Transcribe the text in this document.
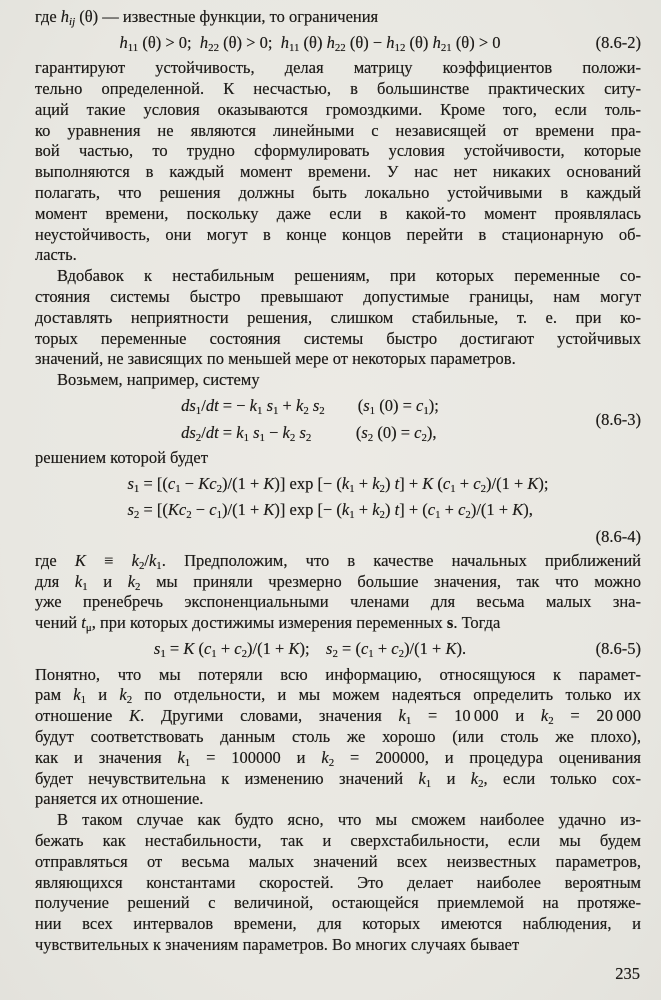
где $h_{ij}$ (θ) — известные функции, то ограничения
$h_{11}$ (θ) > 0; $h_{22}$ (θ) > 0; $h_{11}$ (θ) $h_{22}$ $(\theta) - h_{12}$ (θ) $h_{21}$ (θ) > 0	(8.6-2)
гарантируют устойчивость, делая матрицу коэффициентов положи-
тельно определенной. К несчастью, в большинстве практических ситу-
аций такие условия оказываются громоздкими. Кроме того, если толь-
ко уравнения не являются линейными с независящей от времени пра-
вой частью, то трудно сформулировать условия устойчивости, которые
выполняются в каждый момент времени. У нас нет никаких оснований
полагать, что решения должны быть локально устойчивыми в каждый
момент времени, поскольку даже если в какой-то момент проявлялась
неустойчивость, они могут в конце концов перейти в стационарную об-
ласть.
Вдобавок к нестабильным решениям, при которых переменные со-
стояния системы быстро превышают допустимые границы, нам могут
доставлять неприятности решения, слишком стабильные, т. е. при ко-
торых переменные состояния системы быстро достигают устойчивых
значений, не зависящих по меньшей мере от некоторых параметров.
Возьмем, например, систему
$ds_1/dt$ = − $k_1$ $s_1 + k_2$ $s_2$  ($s_1$ $(0) = c_1$);
$ds_2/dt = k_1$ $s_1 - k_2$ $s_2$    ($s_2$ $(0) = c_2$),
(8.6-3)
решением которой будет
$s_1 = [(c_1 - Kc_2)/(1 + K)]$ exp [− $(k_1 + k_2) t] + K$ $(c_1 + c_2)/(1 + K)$;
$s_2 = [(Kc_2 - c_1)/(1 + K)]$ exp [− $(k_1 + k_2) t] + (c_1 + c_2)/(1 + K)$,
(8.6-4)
где $K \equiv k_2/k_1$. Предположим, что в качестве начальных приближений
для $k_1$ и $k_2$ мы приняли чрезмерно большие значения, так что можно
уже пренебречь экспоненциальными членами для весьма малых зна-
чений $t_\mu$, при которых достижимы измерения переменных s. Тогда
$s_1 = K$ $(c_1 + c_2)/(1 + K)$; $s_2 = (c_1 + c_2)/(1 + K)$.	(8.6-5)
Понятно, что мы потеряли всю информацию, относящуюся к парамет-
рам $k_1$ и $k_2$ по отдельности, и мы можем надеяться определить только их
отношение K. Другими словами, значения $k_1 = 10$ 000 и $k_2 = 20$ 000
будут соответствовать данным столь же хорошо (или столь же плохо),
как и значения $k_1 = 100000$ и $k_2 = 200000$, и процедура оценивания
будет нечувствительна к изменению значений $k_1$ и $k_2$, если только сох-
раняется их отношение.
В таком случае как будто ясно, что мы сможем наиболее удачно из-
бежать как нестабильности, так и сверхстабильности, если мы будем
отправляться от весьма малых значений всех неизвестных параметров,
являющихся константами скоростей. Это делает наиболее вероятным
получение решений с величиной, остающейся приемлемой на протяже-
нии всех интервалов времени, для которых имеются наблюдения, и
чувствительных к значениям параметров. Во многих случаях бывает
235
